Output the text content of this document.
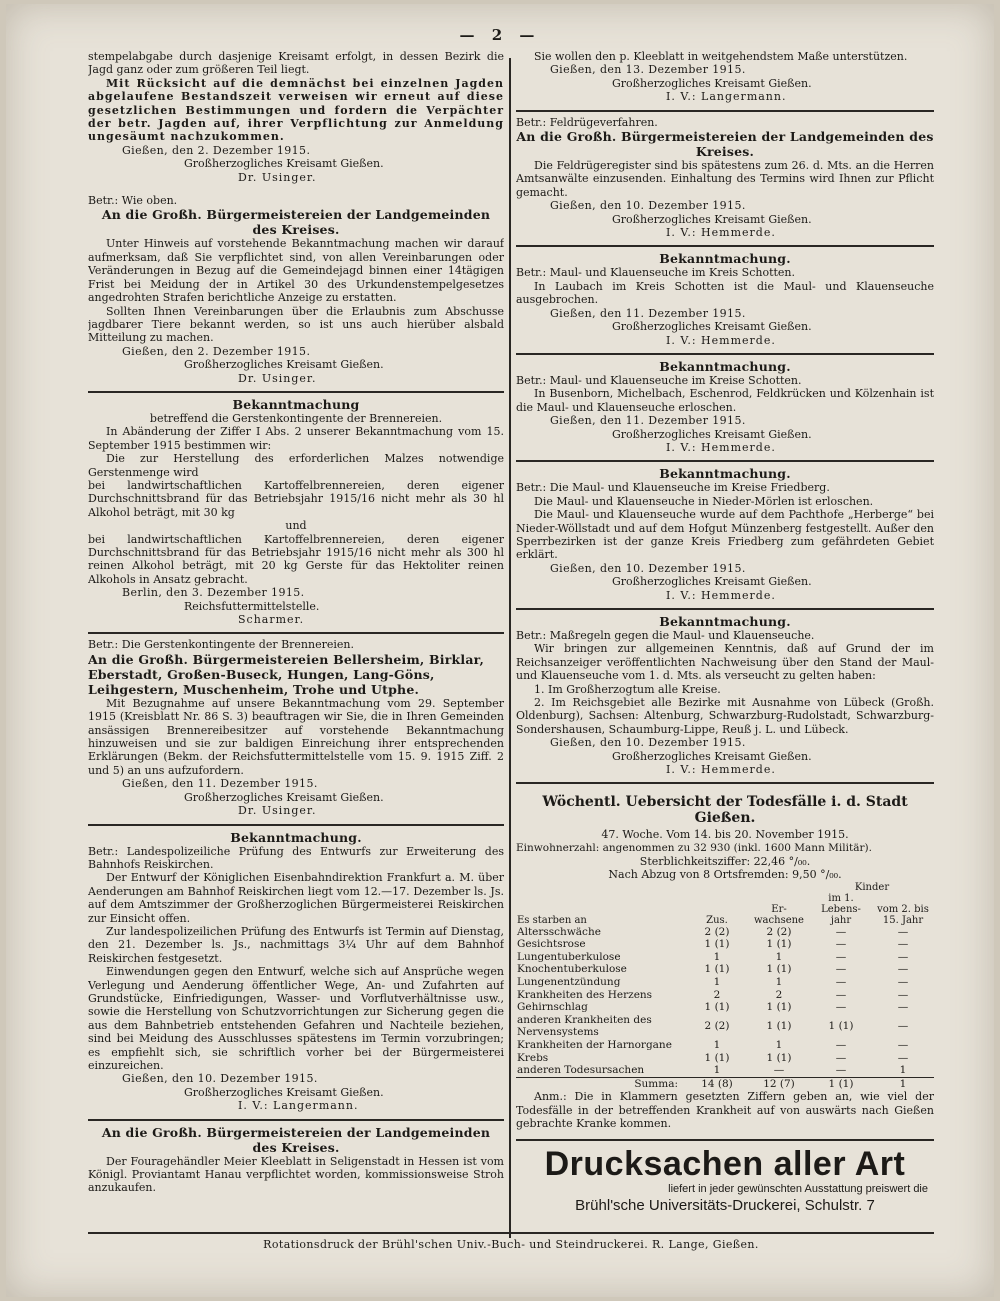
— 2 —

stempelabgabe durch dasjenige Kreisamt erfolgt, in dessen Bezirk die Jagd ganz oder zum größeren Teil liegt.

Mit Rücksicht auf die demnächst bei einzelnen Jagden abgelaufene Bestandszeit verweisen wir erneut auf diese gesetzlichen Bestimmungen und fordern die Verpächter der betr. Jagden auf, ihrer Verpflichtung zur Anmeldung ungesäumt nachzukommen.

Gießen, den 2. Dezember 1915.

Großherzogliches Kreisamt Gießen.

Dr. Usinger.

Betr.: Wie oben.

An die Großh. Bürgermeistereien der Landgemeinden des Kreises.

Unter Hinweis auf vorstehende Bekanntmachung machen wir darauf aufmerksam, daß Sie verpflichtet sind, von allen Vereinbarungen oder Veränderungen in Bezug auf die Gemeindejagd binnen einer 14tägigen Frist bei Meidung der in Artikel 30 des Urkundenstempelgesetzes angedrohten Strafen berichtliche Anzeige zu erstatten.

Sollten Ihnen Vereinbarungen über die Erlaubnis zum Abschusse jagdbarer Tiere bekannt werden, so ist uns auch hierüber alsbald Mitteilung zu machen.

Gießen, den 2. Dezember 1915.

Großherzogliches Kreisamt Gießen.

Dr. Usinger.

Bekanntmachung

betreffend die Gerstenkontingente der Brennereien.

In Abänderung der Ziffer I Abs. 2 unserer Bekanntmachung vom 15. September 1915 bestimmen wir:

Die zur Herstellung des erforderlichen Malzes notwendige Gerstenmenge wird

bei landwirtschaftlichen Kartoffelbrennereien, deren eigener Durchschnittsbrand für das Betriebsjahr 1915/16 nicht mehr als 30 hl Alkohol beträgt, mit 30 kg

und

bei landwirtschaftlichen Kartoffelbrennereien, deren eigener Durchschnittsbrand für das Betriebsjahr 1915/16 nicht mehr als 300 hl reinen Alkohol beträgt, mit 20 kg Gerste für das Hektoliter reinen Alkohols in Ansatz gebracht.

Berlin, den 3. Dezember 1915.

Reichsfuttermittelstelle.

Scharmer.

Betr.: Die Gerstenkontingente der Brennereien.

An die Großh. Bürgermeistereien Bellersheim, Birklar, Eberstadt, Großen-Buseck, Hungen, Lang-Göns, Leihgestern, Muschenheim, Trohe und Utphe.

Mit Bezugnahme auf unsere Bekanntmachung vom 29. September 1915 (Kreisblatt Nr. 86 S. 3) beauftragen wir Sie, die in Ihren Gemeinden ansässigen Brennereibesitzer auf vorstehende Bekanntmachung hinzuweisen und sie zur baldigen Einreichung ihrer entsprechenden Erklärungen (Bekm. der Reichsfuttermittelstelle vom 15. 9. 1915 Ziff. 2 und 5) an uns aufzufordern.

Gießen, den 11. Dezember 1915.

Großherzogliches Kreisamt Gießen.

Dr. Usinger.

Bekanntmachung.

Betr.: Landespolizeiliche Prüfung des Entwurfs zur Erweiterung des Bahnhofs Reiskirchen.

Der Entwurf der Königlichen Eisenbahndirektion Frankfurt a. M. über Aenderungen am Bahnhof Reiskirchen liegt vom 12.—17. Dezember ls. Js. auf dem Amtszimmer der Großherzoglichen Bürgermeisterei Reiskirchen zur Einsicht offen.

Zur landespolizeilichen Prüfung des Entwurfs ist Termin auf Dienstag, den 21. Dezember ls. Js., nachmittags 3¼ Uhr auf dem Bahnhof Reiskirchen festgesetzt.

Einwendungen gegen den Entwurf, welche sich auf Ansprüche wegen Verlegung und Aenderung öffentlicher Wege, An- und Zufahrten auf Grundstücke, Einfriedigungen, Wasser- und Vorflutverhältnisse usw., sowie die Herstellung von Schutzvorrichtungen zur Sicherung gegen die aus dem Bahnbetrieb entstehenden Gefahren und Nachteile beziehen, sind bei Meidung des Ausschlusses spätestens im Termin vorzubringen; es empfiehlt sich, sie schriftlich vorher bei der Bürgermeisterei einzureichen.

Gießen, den 10. Dezember 1915.

Großherzogliches Kreisamt Gießen.

I. V.: Langermann.

An die Großh. Bürgermeistereien der Landgemeinden des Kreises.

Der Fouragehändler Meier Kleeblatt in Seligenstadt in Hessen ist vom Königl. Proviantamt Hanau verpflichtet worden, kommissionsweise Stroh anzukaufen.

Sie wollen den p. Kleeblatt in weitgehendstem Maße unterstützen.

Gießen, den 13. Dezember 1915.

Großherzogliches Kreisamt Gießen.

I. V.: Langermann.

Betr.: Feldrügeverfahren.

An die Großh. Bürgermeistereien der Landgemeinden des Kreises.

Die Feldrügeregister sind bis spätestens zum 26. d. Mts. an die Herren Amtsanwälte einzusenden. Einhaltung des Termins wird Ihnen zur Pflicht gemacht.

Gießen, den 10. Dezember 1915.

Großherzogliches Kreisamt Gießen.

I. V.: Hemmerde.

Bekanntmachung.

Betr.: Maul- und Klauenseuche im Kreis Schotten.

In Laubach im Kreis Schotten ist die Maul- und Klauenseuche ausgebrochen.

Gießen, den 11. Dezember 1915.

Großherzogliches Kreisamt Gießen.

I. V.: Hemmerde.

Bekanntmachung.

Betr.: Maul- und Klauenseuche im Kreise Schotten.

In Busenborn, Michelbach, Eschenrod, Feldkrücken und Kölzenhain ist die Maul- und Klauenseuche erloschen.

Gießen, den 11. Dezember 1915.

Großherzogliches Kreisamt Gießen.

I. V.: Hemmerde.

Bekanntmachung.

Betr.: Die Maul- und Klauenseuche im Kreise Friedberg.

Die Maul- und Klauenseuche in Nieder-Mörlen ist erloschen.

Die Maul- und Klauenseuche wurde auf dem Pachthofe „Herberge“ bei Nieder-Wöllstadt und auf dem Hofgut Münzenberg festgestellt. Außer den Sperrbezirken ist der ganze Kreis Friedberg zum gefährdeten Gebiet erklärt.

Gießen, den 10. Dezember 1915.

Großherzogliches Kreisamt Gießen.

I. V.: Hemmerde.

Bekanntmachung.

Betr.: Maßregeln gegen die Maul- und Klauenseuche.

Wir bringen zur allgemeinen Kenntnis, daß auf Grund der im Reichsanzeiger veröffentlichten Nachweisung über den Stand der Maul- und Klauenseuche vom 1. d. Mts. als verseucht zu gelten haben:

1. Im Großherzogtum alle Kreise.

2. Im Reichsgebiet alle Bezirke mit Ausnahme von Lübeck (Großh. Oldenburg), Sachsen: Altenburg, Schwarzburg-Rudolstadt, Schwarzburg-Sondershausen, Schaumburg-Lippe, Reuß j. L. und Lübeck.

Gießen, den 10. Dezember 1915.

Großherzogliches Kreisamt Gießen.

I. V.: Hemmerde.

Wöchentl. Uebersicht der Todesfälle i. d. Stadt Gießen.

47. Woche. Vom 14. bis 20. November 1915.

Einwohnerzahl: angenommen zu 32 930 (inkl. 1600 Mann Militär).

Sterblichkeitsziffer: 22,46 °/₀₀.

Nach Abzug von 8 Ortsfremden: 9,50 °/₀₀.

Es starben an	Zus.	Er-wachsene	Kinder	
			im 1. Lebens-jahr	vom 2. bis 15. Jahr
Altersschwäche	2 (2)	2 (2)	—	—
Gesichtsrose	1 (1)	1 (1)	—	—
Lungentuberkulose	1	1	—	—
Knochentuberkulose	1 (1)	1 (1)	—	—
Lungenentzündung	1	1	—	—
Krankheiten des Herzens	2	2	—	—
Gehirnschlag	1 (1)	1 (1)	—	—
anderen Krankheiten des Nervensystems	2 (2)	1 (1)	1 (1)	—
Krankheiten der Harnorgane	1	1	—	—
Krebs	1 (1)	1 (1)	—	—
anderen Todesursachen	1	—	—	1
Summa:	14 (8)	12 (7)	1 (1)	1

Anm.: Die in Klammern gesetzten Ziffern geben an, wie viel der Todesfälle in der betreffenden Krankheit auf von auswärts nach Gießen gebrachte Kranke kommen.

Drucksachen aller Art

liefert in jeder gewünschten Ausstattung preiswert die

Brühl'sche Universitäts-Druckerei, Schulstr. 7

Rotationsdruck der Brühl'schen Univ.-Buch- und Steindruckerei. R. Lange, Gießen.
